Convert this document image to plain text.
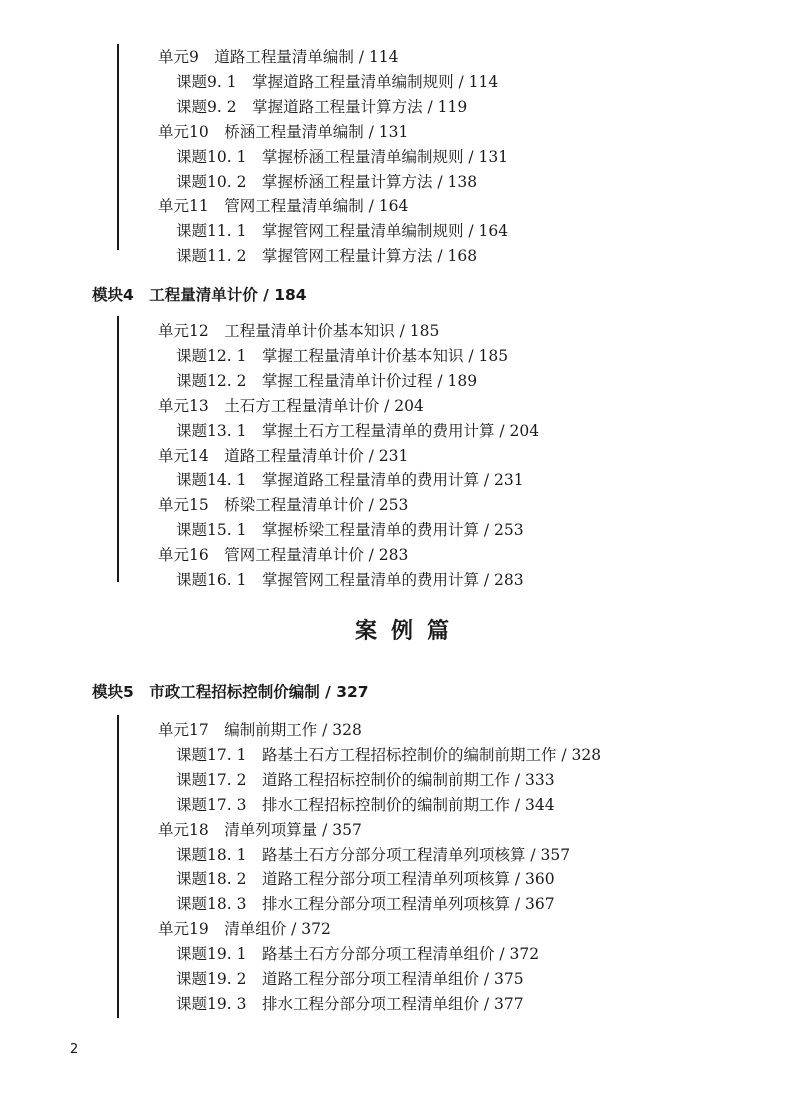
单元9　道路工程量清单编制 / 114
课题9. 1　掌握道路工程量清单编制规则 / 114
课题9. 2　掌握道路工程量计算方法 / 119
单元10　桥涵工程量清单编制 / 131
课题10. 1　掌握桥涵工程量清单编制规则 / 131
课题10. 2　掌握桥涵工程量计算方法 / 138
单元11　管网工程量清单编制 / 164
课题11. 1　掌握管网工程量清单编制规则 / 164
课题11. 2　掌握管网工程量计算方法 / 168
模块4　工程量清单计价 / 184
单元12　工程量清单计价基本知识 / 185
课题12. 1　掌握工程量清单计价基本知识 / 185
课题12. 2　掌握工程量清单计价过程 / 189
单元13　土石方工程量清单计价 / 204
课题13. 1　掌握土石方工程量清单的费用计算 / 204
单元14　道路工程量清单计价 / 231
课题14. 1　掌握道路工程量清单的费用计算 / 231
单元15　桥梁工程量清单计价 / 253
课题15. 1　掌握桥梁工程量清单的费用计算 / 253
单元16　管网工程量清单计价 / 283
课题16. 1　掌握管网工程量清单的费用计算 / 283
案例篇
模块5　市政工程招标控制价编制 / 327
单元17　编制前期工作 / 328
课题17. 1　路基土石方工程招标控制价的编制前期工作 / 328
课题17. 2　道路工程招标控制价的编制前期工作 / 333
课题17. 3　排水工程招标控制价的编制前期工作 / 344
单元18　清单列项算量 / 357
课题18. 1　路基土石方分部分项工程清单列项核算 / 357
课题18. 2　道路工程分部分项工程清单列项核算 / 360
课题18. 3　排水工程分部分项工程清单列项核算 / 367
单元19　清单组价 / 372
课题19. 1　路基土石方分部分项工程清单组价 / 372
课题19. 2　道路工程分部分项工程清单组价 / 375
课题19. 3　排水工程分部分项工程清单组价 / 377
2
